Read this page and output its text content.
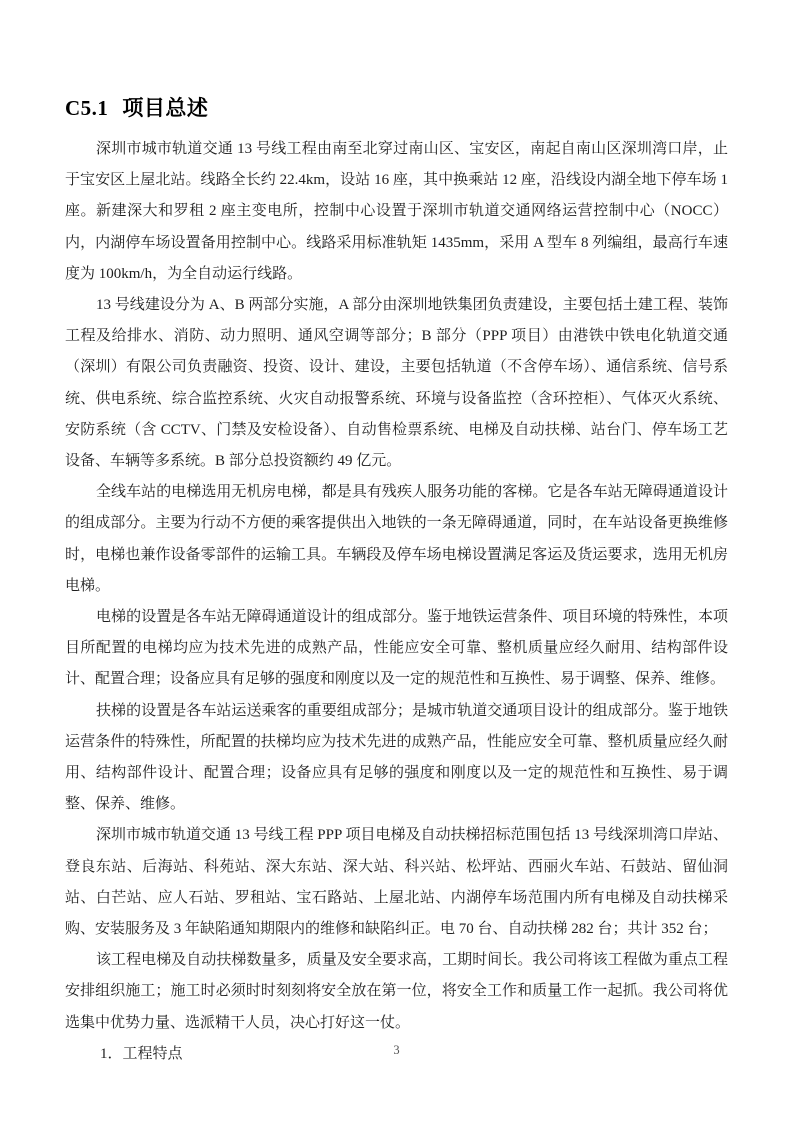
C5.1 项目总述

深圳市城市轨道交通 13 号线工程由南至北穿过南山区、宝安区，南起自南山区深圳湾口岸，止于宝安区上屋北站。线路全长约 22.4km，设站 16 座，其中换乘站 12 座，沿线设内湖全地下停车场 1 座。新建深大和罗租 2 座主变电所，控制中心设置于深圳市轨道交通网络运营控制中心（NOCC）内，内湖停车场设置备用控制中心。线路采用标准轨矩 1435mm，采用 A 型车 8 列编组，最高行车速度为 100km/h，为全自动运行线路。

13 号线建设分为 A、B 两部分实施，A 部分由深圳地铁集团负责建设，主要包括土建工程、装饰工程及给排水、消防、动力照明、通风空调等部分；B 部分（PPP 项目）由港铁中铁电化轨道交通（深圳）有限公司负责融资、投资、设计、建设，主要包括轨道（不含停车场）、通信系统、信号系统、供电系统、综合监控系统、火灾自动报警系统、环境与设备监控（含环控柜）、气体灭火系统、安防系统（含 CCTV、门禁及安检设备）、自动售检票系统、电梯及自动扶梯、站台门、停车场工艺设备、车辆等多系统。B 部分总投资额约 49 亿元。

全线车站的电梯选用无机房电梯，都是具有残疾人服务功能的客梯。它是各车站无障碍通道设计的组成部分。主要为行动不方便的乘客提供出入地铁的一条无障碍通道，同时，在车站设备更换维修时，电梯也兼作设备零部件的运输工具。车辆段及停车场电梯设置满足客运及货运要求，选用无机房电梯。

电梯的设置是各车站无障碍通道设计的组成部分。鉴于地铁运营条件、项目环境的特殊性，本项目所配置的电梯均应为技术先进的成熟产品，性能应安全可靠、整机质量应经久耐用、结构部件设计、配置合理；设备应具有足够的强度和刚度以及一定的规范性和互换性、易于调整、保养、维修。

扶梯的设置是各车站运送乘客的重要组成部分；是城市轨道交通项目设计的组成部分。鉴于地铁运营条件的特殊性，所配置的扶梯均应为技术先进的成熟产品，性能应安全可靠、整机质量应经久耐用、结构部件设计、配置合理；设备应具有足够的强度和刚度以及一定的规范性和互换性、易于调整、保养、维修。

深圳市城市轨道交通 13 号线工程 PPP 项目电梯及自动扶梯招标范围包括 13 号线深圳湾口岸站、登良东站、后海站、科苑站、深大东站、深大站、科兴站、松坪站、西丽火车站、石鼓站、留仙洞站、白芒站、应人石站、罗租站、宝石路站、上屋北站、内湖停车场范围内所有电梯及自动扶梯采购、安装服务及 3 年缺陷通知期限内的维修和缺陷纠正。电 70 台、自动扶梯 282 台；共计 352 台；

该工程电梯及自动扶梯数量多，质量及安全要求高，工期时间长。我公司将该工程做为重点工程安排组织施工；施工时必须时时刻刻将安全放在第一位，将安全工作和质量工作一起抓。我公司将优选集中优势力量、选派精干人员，决心打好这一仗。

1．工程特点	3
